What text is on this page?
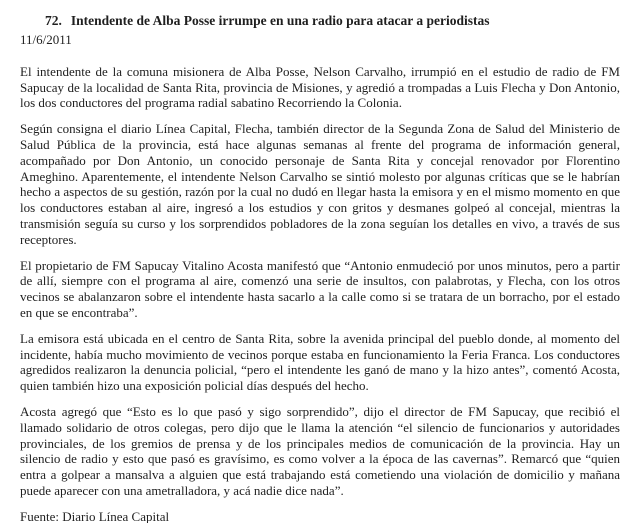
72. Intendente de Alba Posse irrumpe en una radio para atacar a periodistas
11/6/2011

El intendente de la comuna misionera de Alba Posse, Nelson Carvalho, irrumpió en el estudio de radio de FM Sapucay de la localidad de Santa Rita, provincia de Misiones, y agredió a trompadas a Luis Flecha y Don Antonio, los dos conductores del programa radial sabatino Recorriendo la Colonia.

Según consigna el diario Línea Capital, Flecha, también director de la Segunda Zona de Salud del Ministerio de Salud Pública de la provincia, está hace algunas semanas al frente del programa de información general, acompañado por Don Antonio, un conocido personaje de Santa Rita y concejal renovador por Florentino Ameghino. Aparentemente, el intendente Nelson Carvalho se sintió molesto por algunas críticas que se le habrían hecho a aspectos de su gestión, razón por la cual no dudó en llegar hasta la emisora y en el mismo momento en que los conductores estaban al aire, ingresó a los estudios y con gritos y desmanes golpeó al concejal, mientras la transmisión seguía su curso y los sorprendidos pobladores de la zona seguían los detalles en vivo, a través de sus receptores.

El propietario de FM Sapucay Vitalino Acosta manifestó que “Antonio enmudeció por unos minutos, pero a partir de allí, siempre con el programa al aire, comenzó una serie de insultos, con palabrotas, y Flecha, con los otros vecinos se abalanzaron sobre el intendente hasta sacarlo a la calle como si se tratara de un borracho, por el estado en que se encontraba”.

La emisora está ubicada en el centro de Santa Rita, sobre la avenida principal del pueblo donde, al momento del incidente, había mucho movimiento de vecinos porque estaba en funcionamiento la Feria Franca. Los conductores agredidos realizaron la denuncia policial, “pero el intendente les ganó de mano y la hizo antes”, comentó Acosta, quien también hizo una exposición policial días después del hecho.

Acosta agregó que “Esto es lo que pasó y sigo sorprendido”, dijo el director de FM Sapucay, que recibió el llamado solidario de otros colegas, pero dijo que le llama la atención “el silencio de funcionarios y autoridades provinciales, de los gremios de prensa y de los principales medios de comunicación de la provincia. Hay un silencio de radio y esto que pasó es gravísimo, es como volver a la época de las cavernas”. Remarcó que “quien entra a golpear a mansalva a alguien que está trabajando está cometiendo una violación de domicilio y mañana puede aparecer con una ametralladora, y acá nadie dice nada”.

Fuente: Diario Línea Capital
